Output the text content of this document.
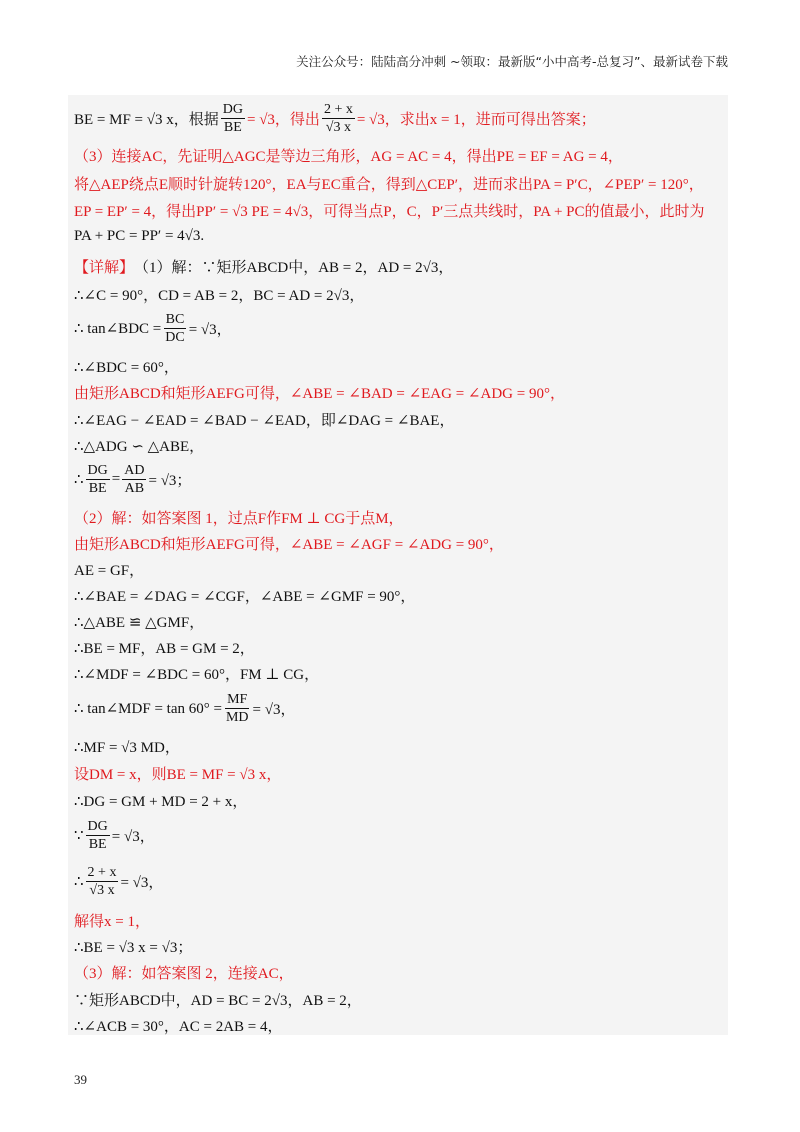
关注公众号：陆陆高分冲刺 ~领取：最新版“小中高考-总复习”、最新试卷下载
BE = MF = √3 x，根据 $\frac{DG}{BE} = √3$，得出 $\frac{2 + x}{√3 x} = √3$，求出x = 1，进而可得出答案；
（3）连接AC，先证明△AGC是等边三角形，AG = AC = 4，得出PE = EF = AG = 4，
将△AEP绕点E顺时针旋转120°，EA与EC重合，得到△CEP′，进而求出PA = P′C，∠PEP′ = 120°，
EP = EP′ = 4，得出PP′ = √3 PE = 4√3，可得当点P，C，P′三点共线时，PA + PC的值最小，此时为
PA + PC = PP′ = 4√3.
【详解】 （1）解：∵矩形ABCD中，AB = 2，AD = 2√3，
∴∠C = 90°，CD = AB = 2，BC = AD = 2√3，
∴ tan∠BDC = $\frac{BC}{DC} = √3$，
∴∠BDC = 60°，
由矩形ABCD和矩形AEFG可得，∠ABE = ∠BAD = ∠EAG = ∠ADG = 90°，
∴∠EAG − ∠EAD = ∠BAD − ∠EAD，即∠DAG = ∠BAE，
∴△ADG ∽ △ABE，
∴ $\frac{DG}{BE} = \frac{AD}{AB} = √3$；
（2）解：如答案图 1，过点F作FM ⊥ CG于点M，
由矩形ABCD和矩形AEFG可得，∠ABE = ∠AGF = ∠ADG = 90°，
AE = GF，
∴∠BAE = ∠DAG = ∠CGF，∠ABE = ∠GMF = 90°，
∴△ABE ≌ △GMF，
∴BE = MF，AB = GM = 2，
∴∠MDF = ∠BDC = 60°，FM ⊥ CG，
∴ tan∠MDF = $\tan 60^\circ = \frac{MF}{MD} = √3$，
∴MF = √3 MD，
设DM = x，则BE = MF = √3 x，
∴DG = GM + MD = 2 + x，
∵ $\frac{DG}{BE} = √3$，
∴ $\frac{2 + x}{√3 x} = √3$，
解得x = 1，
∴BE = √3 x = √3；
（3）解：如答案图 2，连接AC，
∵矩形ABCD中，AD = BC = 2√3，AB = 2，
∴∠ACB = 30°，AC = 2AB = 4，
39
